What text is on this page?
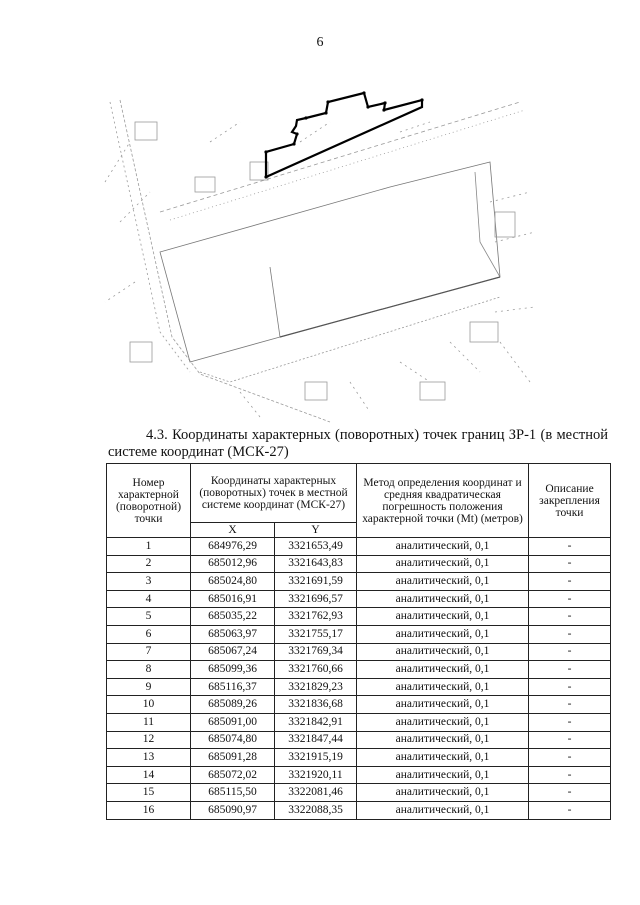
6
4.3. Координаты характерных (поворотных) точек границ ЗР-1 (в местной системе координат (МСК-27)
Номер характерной (поворотной) точки	Координаты характерных (поворотных) точек в местной системе координат (МСК-27)		Метод определения координат и средняя квадратическая погрешность положения характерной точки (Mt) (метров)	Описание закрепления точки
	X	Y		
1	684976,29	3321653,49	аналитический, 0,1	-
2	685012,96	3321643,83	аналитический, 0,1	-
3	685024,80	3321691,59	аналитический, 0,1	-
4	685016,91	3321696,57	аналитический, 0,1	-
5	685035,22	3321762,93	аналитический, 0,1	-
6	685063,97	3321755,17	аналитический, 0,1	-
7	685067,24	3321769,34	аналитический, 0,1	-
8	685099,36	3321760,66	аналитический, 0,1	-
9	685116,37	3321829,23	аналитический, 0,1	-
10	685089,26	3321836,68	аналитический, 0,1	-
11	685091,00	3321842,91	аналитический, 0,1	-
12	685074,80	3321847,44	аналитический, 0,1	-
13	685091,28	3321915,19	аналитический, 0,1	-
14	685072,02	3321920,11	аналитический, 0,1	-
15	685115,50	3322081,46	аналитический, 0,1	-
16	685090,97	3322088,35	аналитический, 0,1	-
